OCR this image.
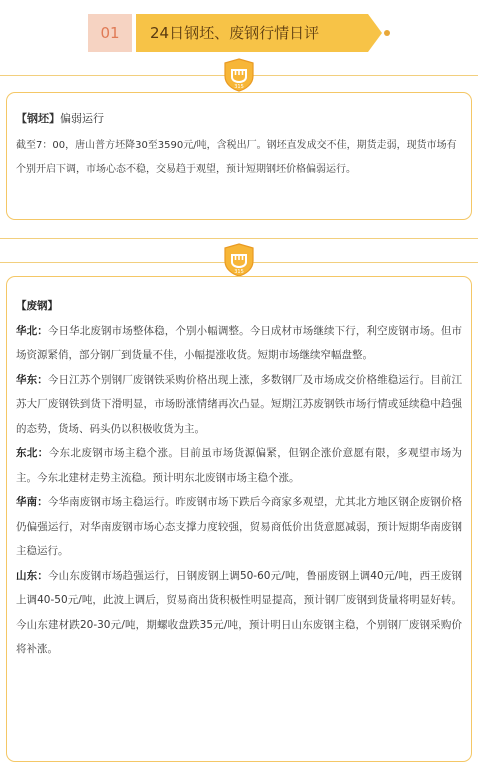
01	24日钢坯、废钢行情日评
315
【钢坯】偏弱运行
截至7：00，唐山普方坯降30至3590元/吨，含税出厂。钢坯直发成交不佳，期货走弱，现货市场有个别开启下调，市场心态不稳，交易趋于观望，预计短期钢坯价格偏弱运行。
315
【废钢】
华北：今日华北废钢市场整体稳，个别小幅调整。今日成材市场继续下行，利空废钢市场。但市场资源紧俏，部分钢厂到货量不佳，小幅提涨收货。短期市场继续窄幅盘整。
华东：今日江苏个别钢厂废钢铁采购价格出现上涨，多数钢厂及市场成交价格维稳运行。目前江苏大厂废钢铁到货下滑明显，市场盼涨情绪再次凸显。短期江苏废钢铁市场行情或延续稳中趋强的态势，货场、码头仍以积极收货为主。
东北：今东北废钢市场主稳个涨。目前虽市场货源偏紧，但钢企涨价意愿有限，多观望市场为主。今东北建材走势主流稳。预计明东北废钢市场主稳个涨。
华南：今华南废钢市场主稳运行。昨废钢市场下跌后今商家多观望，尤其北方地区钢企废钢价格仍偏强运行，对华南废钢市场心态支撑力度较强，贸易商低价出货意愿减弱，预计短期华南废钢主稳运行。
山东：今山东废钢市场趋强运行，日钢废钢上调50-60元/吨，鲁丽废钢上调40元/吨，西王废钢上调40-50元/吨，此波上调后，贸易商出货积极性明显提高，预计钢厂废钢到货量将明显好转。今山东建材跌20-30元/吨，期螺收盘跌35元/吨，预计明日山东废钢主稳，个别钢厂废钢采购价将补涨。
